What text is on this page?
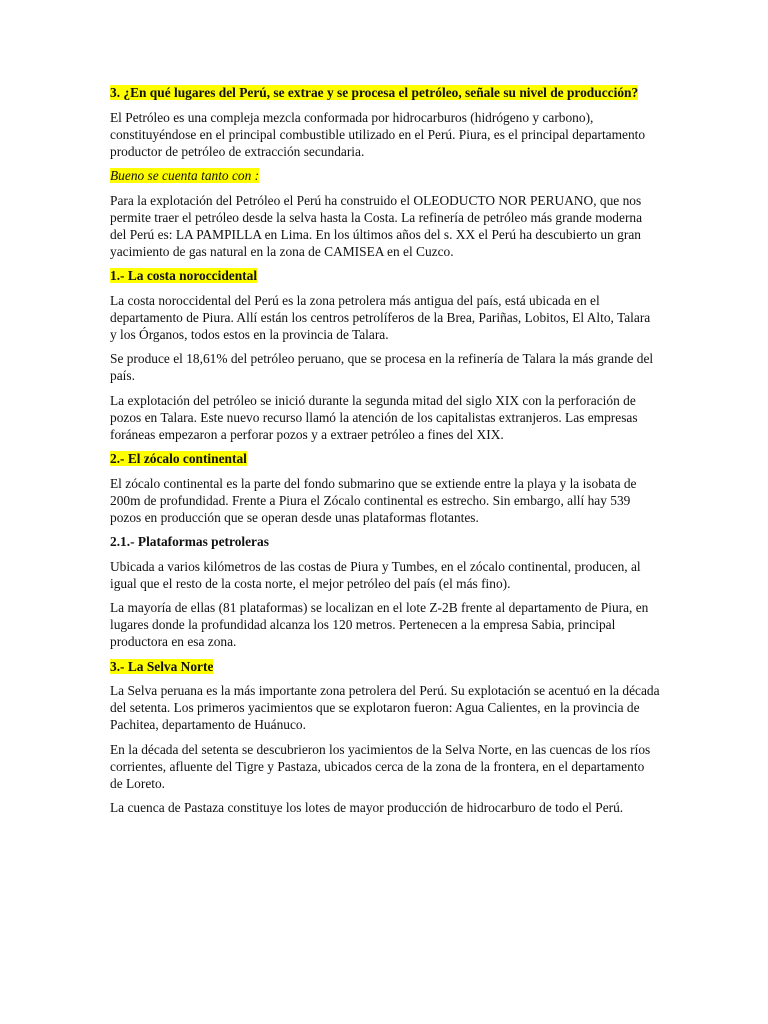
3. ¿En qué lugares del Perú, se extrae y se procesa el petróleo, señale su nivel de producción?

El Petróleo es una compleja mezcla conformada por hidrocarburos (hidrógeno y carbono), constituyéndose en el principal combustible utilizado en el Perú. Piura, es el principal departamento productor de petróleo de extracción secundaria.

Bueno se cuenta tanto con :

Para la explotación del Petróleo el Perú ha construido el OLEODUCTO NOR PERUANO, que nos permite traer el petróleo desde la selva hasta la Costa. La refinería de petróleo más grande moderna del Perú es: LA PAMPILLA en Lima. En los últimos años del s. XX el Perú ha descubierto un gran yacimiento de gas natural en la zona de CAMISEA en el Cuzco.

1.- La costa noroccidental

La costa noroccidental del Perú es la zona petrolera más antigua del país, está ubicada en el departamento de Piura. Allí están los centros petrolíferos de la Brea, Pariñas, Lobitos, El Alto, Talara y los Órganos, todos estos en la provincia de Talara.

Se produce el 18,61% del petróleo peruano, que se procesa en la refinería de Talara la más grande del país.

La explotación del petróleo se inició durante la segunda mitad del siglo XIX con la perforación de pozos en Talara. Este nuevo recurso llamó la atención de los capitalistas extranjeros. Las empresas foráneas empezaron a perforar pozos y a extraer petróleo a fines del XIX.

2.- El zócalo continental

El zócalo continental es la parte del fondo submarino que se extiende entre la playa y la isobata de 200m de profundidad. Frente a Piura el Zócalo continental es estrecho. Sin embargo, allí hay 539 pozos en producción que se operan desde unas plataformas flotantes.

2.1.- Plataformas petroleras

Ubicada a varios kilómetros de las costas de Piura y Tumbes, en el zócalo continental, producen, al igual que el resto de la costa norte, el mejor petróleo del país (el más fino).

La mayoría de ellas (81 plataformas) se localizan en el lote Z-2B frente al departamento de Piura, en lugares donde la profundidad alcanza los 120 metros. Pertenecen a la empresa Sabia, principal productora en esa zona.

3.- La Selva Norte

La Selva peruana es la más importante zona petrolera del Perú. Su explotación se acentuó en la década del setenta. Los primeros yacimientos que se explotaron fueron: Agua Calientes, en la provincia de Pachitea, departamento de Huánuco.

En la década del setenta se descubrieron los yacimientos de la Selva Norte, en las cuencas de los ríos corrientes, afluente del Tigre y Pastaza, ubicados cerca de la zona de la frontera, en el departamento de Loreto.

La cuenca de Pastaza constituye los lotes de mayor producción de hidrocarburo de todo el Perú.
